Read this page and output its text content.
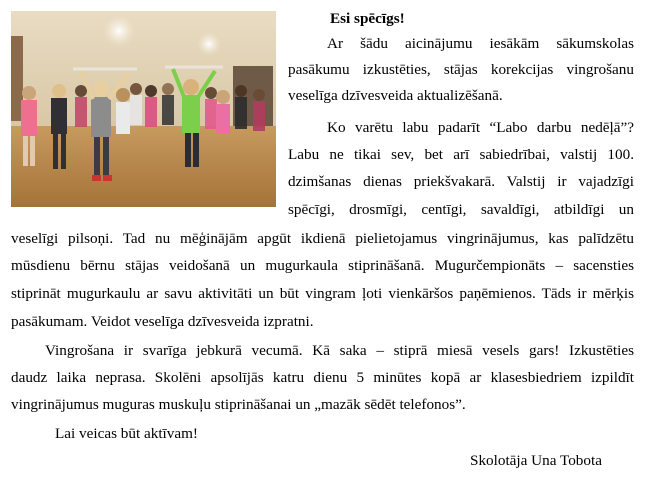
Esi spēcīgs!
Ar šādu aicinājumu iesākām sākumskolas
pasākumu izkustēties, stājas korekcijas vingrošanu
veselīga dzīvesveida aktualizēšanā.
Ko varētu labu padarīt “Labo darbu nedēļā”?
Labu ne tikai sev, bet arī sabiedrībai, valstij 100.
dzimšanas dienas priekšvakarā. Valstij ir vajadzīgi
spēcīgi, drosmīgi, centīgi, savaldīgi, atbildīgi un
veselīgi pilsoņi. Tad nu mēģinājām apgūt ikdienā pielietojamus vingrinājumus, kas palīdzētu
mūsdienu bērnu stājas veidošanā un mugurkaula stiprināšanā. Mugurčempionāts – sacensties
stiprināt mugurkaulu ar savu aktivitāti un būt vingram ļoti vienkāršos paņēmienos. Tāds ir mērķis
pasākumam. Veidot veselīga dzīvesveida izpratni.
Vingrošana ir svarīga jebkurā vecumā. Kā saka – stiprā miesā vesels gars! Izkustēties
daudz laika neprasa. Skolēni apsolījās katru dienu 5 minūtes kopā ar klasesbiedriem izpildīt
vingrinājumus muguras muskuļu stiprināšanai un „mazāk sēdēt telefonos”.
Lai veicas būt aktīvam!
Skolotāja Una Tobota
